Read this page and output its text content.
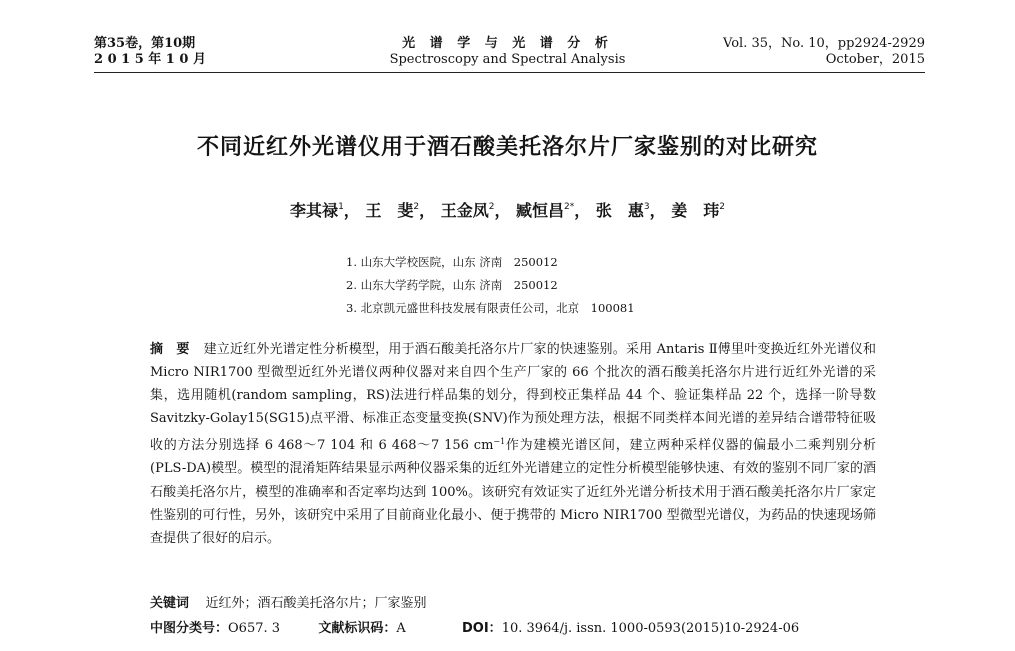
第35卷，第10期
2 0 1 5 年 1 0 月
光 谱 学 与 光 谱 分 析
Spectroscopy and Spectral Analysis
Vol. 35，No. 10，pp2924-2929
October，2015
不同近红外光谱仪用于酒石酸美托洛尔片厂家鉴别的对比研究
李其禄$^1$， 王　斐$^2$， 王金凤$^2$， 臧恒昌$^{2*}$， 张　惠$^3$， 姜　玮$^2$
1. 山东大学校医院，山东 济南　250012
2. 山东大学药学院，山东 济南　250012
3. 北京凯元盛世科技发展有限责任公司，北京　100081
摘　要 建立近红外光谱定性分析模型，用于酒石酸美托洛尔片厂家的快速鉴别。采用 Antaris Ⅱ傅里叶变换近红外光谱仪和 Micro NIR1700 型微型近红外光谱仪两种仪器对来自四个生产厂家的 66 个批次的酒石酸美托洛尔片进行近红外光谱的采集，选用随机(random sampling，RS)法进行样品集的划分，得到校正集样品 44 个、验证集样品 22 个，选择一阶导数 Savitzky-Golay15(SG15)点平滑、标准正态变量变换(SNV)作为预处理方法，根据不同类样本间光谱的差异结合谱带特征吸收的方法分别选择 6 468～7 104 和 6 468～7 156 $cm^{-1}$作为建模光谱区间，建立两种采样仪器的偏最小二乘判别分析(PLS-DA)模型。模型的混淆矩阵结果显示两种仪器采集的近红外光谱建立的定性分析模型能够快速、有效的鉴别不同厂家的酒石酸美托洛尔片，模型的准确率和否定率均达到 100%。该研究有效证实了近红外光谱分析技术用于酒石酸美托洛尔片厂家定性鉴别的可行性，另外，该研究中采用了目前商业化最小、便于携带的 Micro NIR1700 型微型光谱仪，为药品的快速现场筛查提供了很好的启示。
关键词 近红外；酒石酸美托洛尔片；厂家鉴别
中图分类号：O657. 3	文献标识码：A	DOI：10. 3964/j. issn. 1000-0593(2015)10-2924-06
